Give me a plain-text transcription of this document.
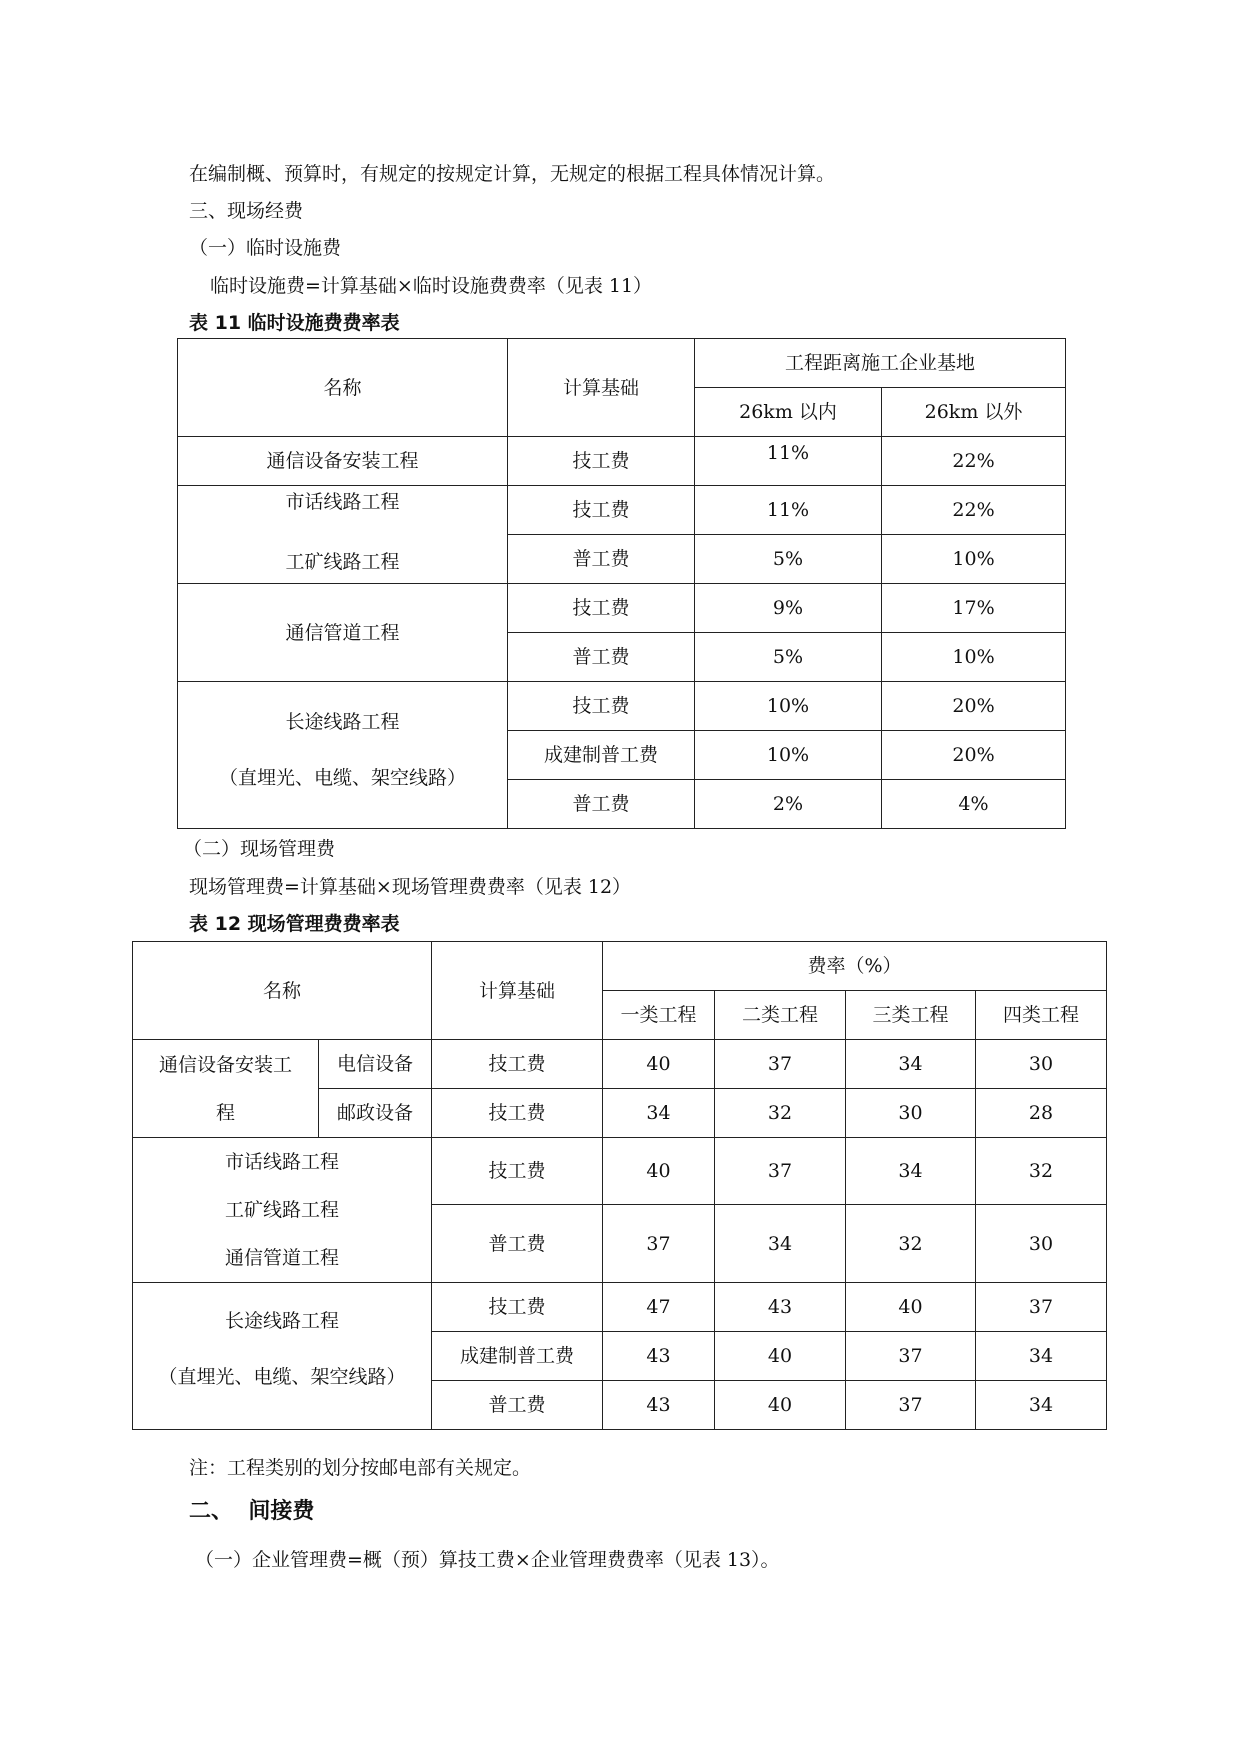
在编制概、预算时，有规定的按规定计算，无规定的根据工程具体情况计算。
三、现场经费
（一）临时设施费
临时设施费=计算基础×临时设施费费率（见表 11）
表 11 临时设施费费率表
名称	计算基础	工程距离施工企业基地	
		26km 以内	26km 以外
通信设备安装工程	技工费	11%	22%

市话线路工程
工矿线路工程	技工费	11%	22%
	普工费	5%	10%
通信管道工程	技工费	9%	17%
	普工费	5%	10%

长途线路工程
（直埋光、电缆、架空线路）	技工费	10%	20%
	成建制普工费	10%	20%
	普工费	2%	4%
（二）现场管理费
现场管理费=计算基础×现场管理费费率（见表 12）
表 12 现场管理费费率表
名称		计算基础	费率（%）			
			一类工程	二类工程	三类工程	四类工程

通信设备安装工
程	电信设备	技工费	40	37	34	30
	邮政设备	技工费	34	32	30	28

市话线路工程
工矿线路工程
通信管道工程		技工费	40	37	34	32
		普工费	37	34	32	30

长途线路工程
（直埋光、电缆、架空线路）		技工费	47	43	40	37
		成建制普工费	43	40	37	34
		普工费	43	40	37	34
注：工程类别的划分按邮电部有关规定。
二、  间接费
（一）企业管理费=概（预）算技工费×企业管理费费率（见表 13）。
